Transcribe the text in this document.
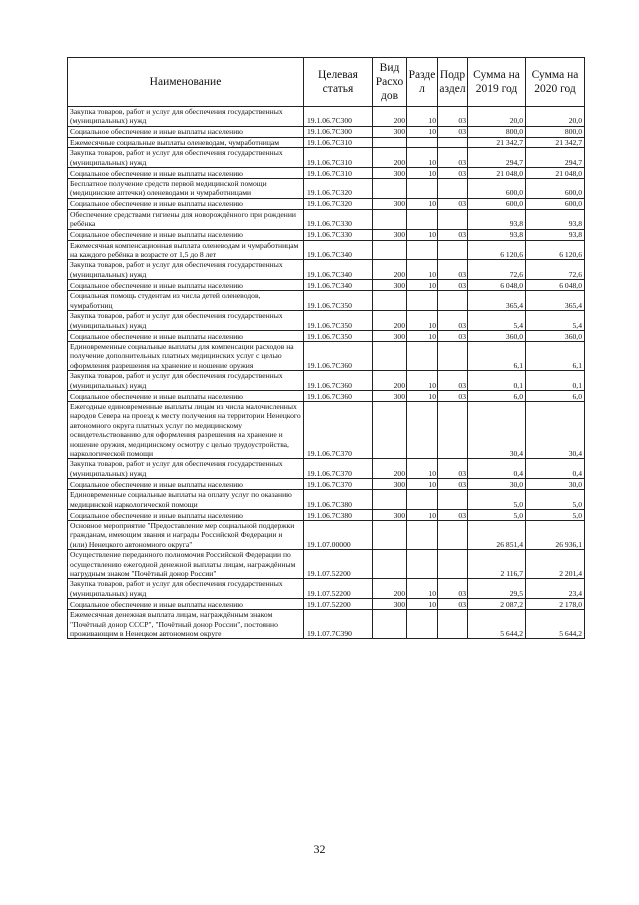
Наименование	Целевая статья	Вид Расхо дов	Разде л	Подр аздел	Сумма на 2019 год	Сумма на 2020 год
Закупка товаров, работ и услуг для обеспечения государственных (муниципальных) нужд	19.1.06.7С300	200	10	03	20,0	20,0
Социальное обеспечение и иные выплаты населению	19.1.06.7С300	300	10	03	800,0	800,0
Ежемесячные социальные выплаты оленеводам, чумработницам	19.1.06.7С310				21 342,7	21 342,7
Закупка товаров, работ и услуг для обеспечения государственных (муниципальных) нужд	19.1.06.7С310	200	10	03	294,7	294,7
Социальное обеспечение и иные выплаты населению	19.1.06.7С310	300	10	03	21 048,0	21 048,0
Бесплатное получение средств первой медицинской помощи (медицинские аптечки) оленеводами и чумработницами	19.1.06.7С320				600,0	600,0
Социальное обеспечение и иные выплаты населению	19.1.06.7С320	300	10	03	600,0	600,0
Обеспечение средствами гигиены для новорождённого при рождении ребёнка	19.1.06.7С330				93,8	93,8
Социальное обеспечение и иные выплаты населению	19.1.06.7С330	300	10	03	93,8	93,8
Ежемесячная компенсационная выплата оленеводам и чумработницам на каждого ребёнка в возрасте от 1,5 до 8 лет	19.1.06.7С340				6 120,6	6 120,6
Закупка товаров, работ и услуг для обеспечения государственных (муниципальных) нужд	19.1.06.7С340	200	10	03	72,6	72,6
Социальное обеспечение и иные выплаты населению	19.1.06.7С340	300	10	03	6 048,0	6 048,0
Социальная помощь студентам из числа детей оленеводов, чумработниц	19.1.06.7С350				365,4	365,4
Закупка товаров, работ и услуг для обеспечения государственных (муниципальных) нужд	19.1.06.7С350	200	10	03	5,4	5,4
Социальное обеспечение и иные выплаты населению	19.1.06.7С350	300	10	03	360,0	360,0
Единовременные социальные выплаты для компенсации расходов на получение дополнительных платных медицинских услуг с целью оформления разрешения на хранение и ношение оружия	19.1.06.7С360				6,1	6,1
Закупка товаров, работ и услуг для обеспечения государственных (муниципальных) нужд	19.1.06.7С360	200	10	03	0,1	0,1
Социальное обеспечение и иные выплаты населению	19.1.06.7С360	300	10	03	6,0	6,0
Ежегодные единовременные выплаты лицам из числа малочисленных народов Севера на проезд к месту получения на территории Ненецкого автономного округа платных услуг по медицинскому освидетельствованию для оформления разрешения на хранение и ношение оружия, медицинскому осмотру с целью трудоустройства, наркологической помощи	19.1.06.7С370				30,4	30,4
Закупка товаров, работ и услуг для обеспечения государственных (муниципальных) нужд	19.1.06.7С370	200	10	03	0,4	0,4
Социальное обеспечение и иные выплаты населению	19.1.06.7С370	300	10	03	30,0	30,0
Единовременные социальные выплаты на оплату услуг по оказанию медицинской наркологической помощи	19.1.06.7С380				5,0	5,0
Социальное обеспечение и иные выплаты населению	19.1.06.7С380	300	10	03	5,0	5,0
Основное мероприятие "Предоставление мер социальной поддержки гражданам, имеющим звания и награды Российской Федерации и (или) Ненецкого автономного округа"	19.1.07.00000				26 851,4	26 936,1
Осуществление переданного полномочия Российской Федерации по осуществлению ежегодной денежной выплаты лицам, награждённым нагрудным знаком "Почётный донор России"	19.1.07.52200				2 116,7	2 201,4
Закупка товаров, работ и услуг для обеспечения государственных (муниципальных) нужд	19.1.07.52200	200	10	03	29,5	23,4
Социальное обеспечение и иные выплаты населению	19.1.07.52200	300	10	03	2 087,2	2 178,0
Ежемесячная денежная выплата лицам, награждённым знаком "Почётный донор СССР", "Почётный донор России", постоянно проживающим в Ненецком автономном округе	19.1.07.7С390				5 644,2	5 644,2
32
